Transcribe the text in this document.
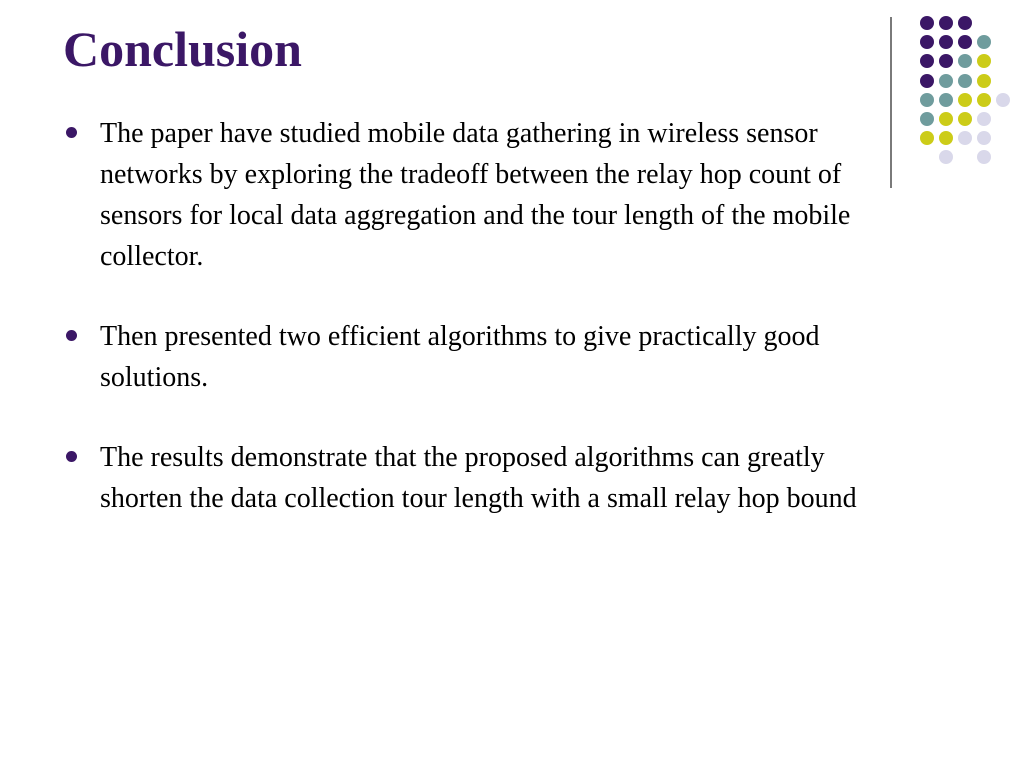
Conclusion
The paper have studied mobile data gathering in wireless sensor networks by exploring the tradeoff between the relay hop count of sensors for local data aggregation and the tour length of the mobile collector.
Then presented two efficient algorithms to give practically good solutions.
The results demonstrate that the proposed algorithms can greatly shorten the data collection tour length with a small relay hop bound
